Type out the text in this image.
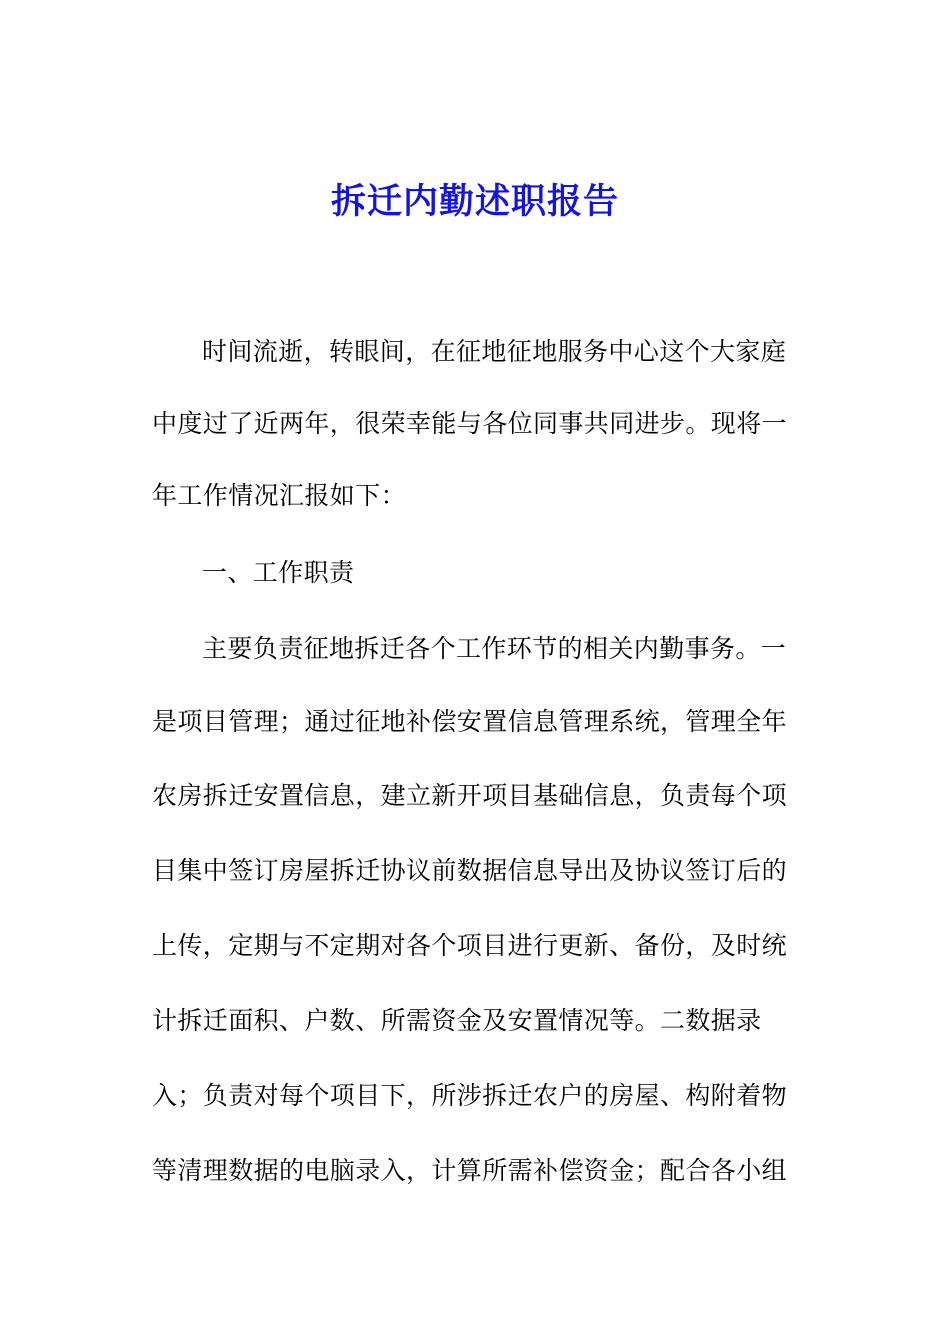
拆迁内勤述职报告
时间流逝，转眼间，在征地征地服务中心这个大家庭
中度过了近两年，很荣幸能与各位同事共同进步。现将一
年工作情况汇报如下：
一、工作职责
主要负责征地拆迁各个工作环节的相关内勤事务。一
是项目管理；通过征地补偿安置信息管理系统，管理全年
农房拆迁安置信息，建立新开项目基础信息，负责每个项
目集中签订房屋拆迁协议前数据信息导出及协议签订后的
上传，定期与不定期对各个项目进行更新、备份，及时统
计拆迁面积、户数、所需资金及安置情况等。二数据录
入；负责对每个项目下，所涉拆迁农户的房屋、构附着物
等清理数据的电脑录入，计算所需补偿资金；配合各小组
